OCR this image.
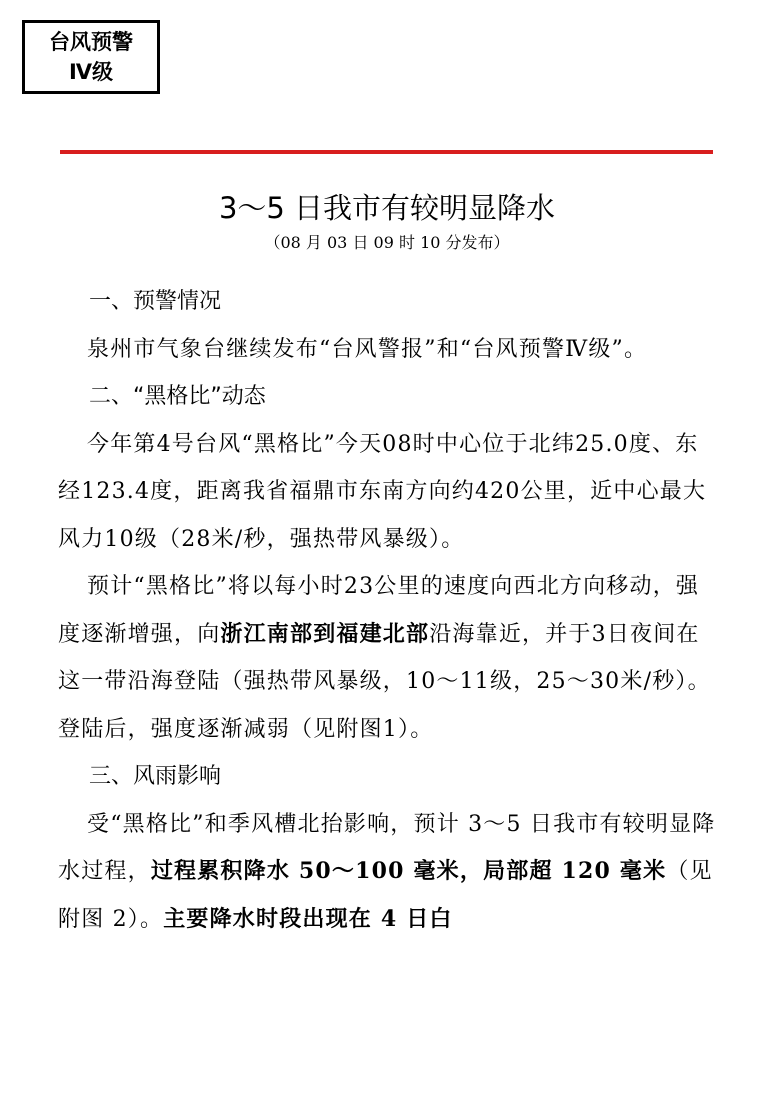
台风预警
Ⅳ级
3～5 日我市有较明显降水
（08 月 03 日 09 时 10 分发布）

一、预警情况

泉州市气象台继续发布“台风警报”和“台风预警Ⅳ级”。

二、“黑格比”动态

今年第4号台风“黑格比”今天08时中心位于北纬25.0度、东经123.4度，距离我省福鼎市东南方向约420公里，近中心最大风力10级（28米/秒，强热带风暴级）。

预计“黑格比”将以每小时23公里的速度向西北方向移动，强度逐渐增强，向浙江南部到福建北部沿海靠近，并于3日夜间在这一带沿海登陆（强热带风暴级，10～11级，25～30米/秒）。登陆后，强度逐渐减弱（见附图1）。

三、风雨影响

受“黑格比”和季风槽北抬影响，预计 3～5 日我市有较明显降水过程，过程累积降水 50～100 毫米，局部超 120 毫米（见附图 2）。主要降水时段出现在 4 日白
